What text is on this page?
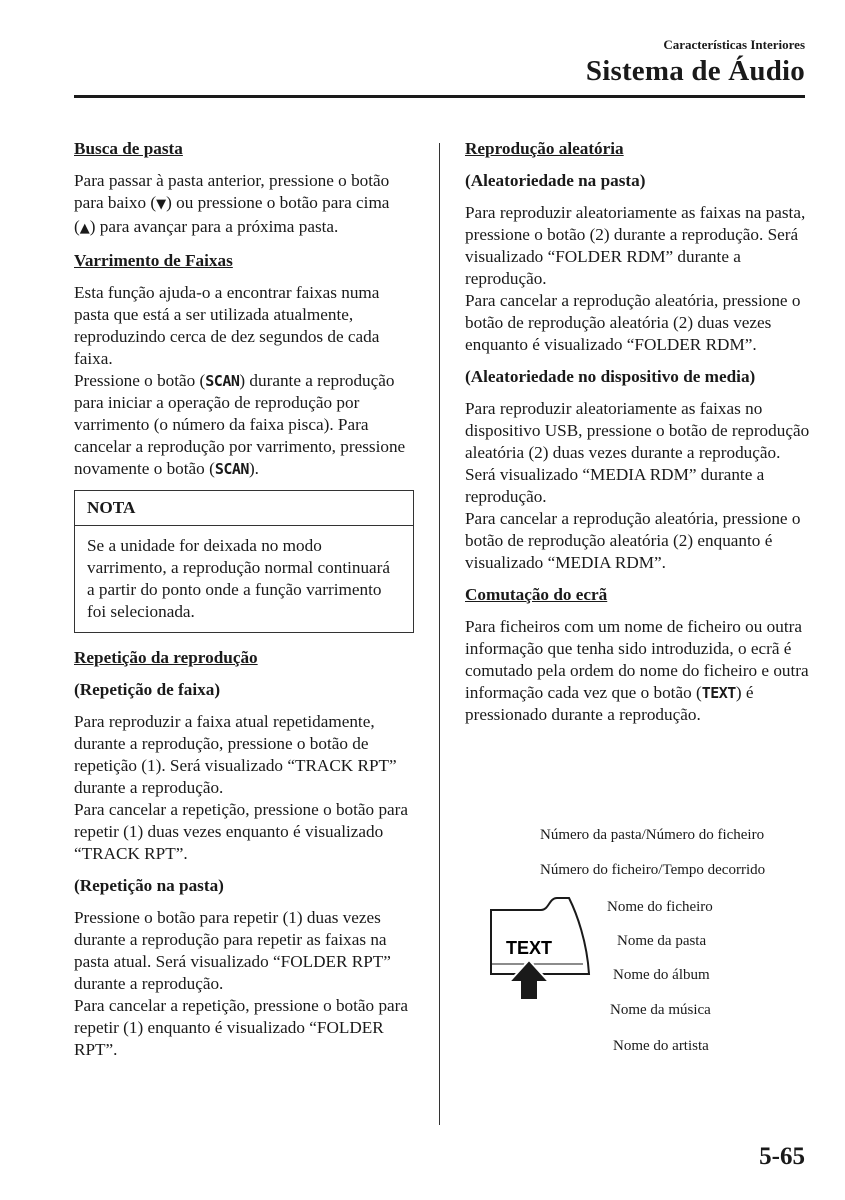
Características Interiores
Sistema de Áudio

Busca de pasta

Para passar à pasta anterior, pressione o botão para baixo (▼) ou pressione o botão para cima (▲) para avançar para a próxima pasta.

Varrimento de Faixas

Esta função ajuda-o a encontrar faixas numa pasta que está a ser utilizada atualmente, reproduzindo cerca de dez segundos de cada faixa.

Pressione o botão (SCAN) durante a reprodução para iniciar a operação de reprodução por varrimento (o número da faixa pisca). Para cancelar a reprodução por varrimento, pressione novamente o botão (SCAN).

NOTA
Se a unidade for deixada no modo varrimento, a reprodução normal continuará a partir do ponto onde a função varrimento foi selecionada.

Repetição da reprodução

(Repetição de faixa)

Para reproduzir a faixa atual repetidamente, durante a reprodução, pressione o botão de repetição (1). Será visualizado “TRACK RPT” durante a reprodução.

Para cancelar a repetição, pressione o botão para repetir (1) duas vezes enquanto é visualizado “TRACK RPT”.

(Repetição na pasta)

Pressione o botão para repetir (1) duas vezes durante a reprodução para repetir as faixas na pasta atual. Será visualizado “FOLDER RPT” durante a reprodução.

Para cancelar a repetição, pressione o botão para repetir (1) enquanto é visualizado “FOLDER RPT”.

Reprodução aleatória

(Aleatoriedade na pasta)

Para reproduzir aleatoriamente as faixas na pasta, pressione o botão (2) durante a reprodução. Será visualizado “FOLDER RDM” durante a reprodução.

Para cancelar a reprodução aleatória, pressione o botão de reprodução aleatória (2) duas vezes enquanto é visualizado “FOLDER RDM”.

(Aleatoriedade no dispositivo de media)

Para reproduzir aleatoriamente as faixas no dispositivo USB, pressione o botão de reprodução aleatória (2) duas vezes durante a reprodução. Será visualizado “MEDIA RDM” durante a reprodução.

Para cancelar a reprodução aleatória, pressione o botão de reprodução aleatória (2) enquanto é visualizado “MEDIA RDM”.

Comutação do ecrã

Para ficheiros com um nome de ficheiro ou outra informação que tenha sido introduzida, o ecrã é comutado pela ordem do nome do ficheiro e outra informação cada vez que o botão (TEXT) é pressionado durante a reprodução.

TEXT
Número da pasta/Número do ficheiro
Número do ficheiro/Tempo decorrido
Nome do ficheiro
Nome da pasta
Nome do álbum
Nome da música
Nome do artista
5-65
